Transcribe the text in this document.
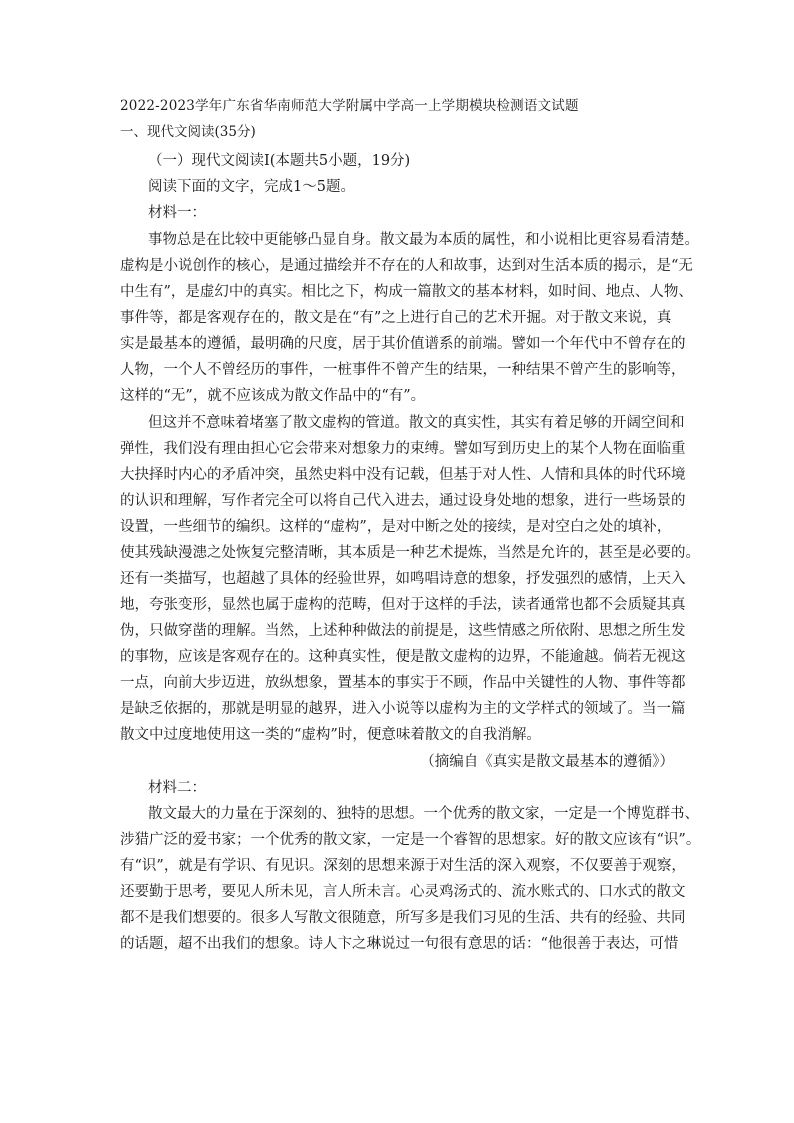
2022-2023学年广东省华南师范大学附属中学高一上学期模块检测语文试题
一、现代文阅读(35分)
（一）现代文阅读Ⅰ(本题共5小题，19分)
阅读下面的文字，完成1～5题。
材料一：
事物总是在比较中更能够凸显自身。散文最为本质的属性，和小说相比更容易看清楚。
虚构是小说创作的核心，是通过描绘并不存在的人和故事，达到对生活本质的揭示，是“无
中生有”，是虚幻中的真实。相比之下，构成一篇散文的基本材料，如时间、地点、人物、
事件等，都是客观存在的，散文是在“有”之上进行自己的艺术开掘。对于散文来说，真
实是最基本的遵循，最明确的尺度，居于其价值谱系的前端。譬如一个年代中不曾存在的
人物，一个人不曾经历的事件，一桩事件不曾产生的结果，一种结果不曾产生的影响等，
这样的“无”，就不应该成为散文作品中的“有”。
但这并不意味着堵塞了散文虚构的管道。散文的真实性，其实有着足够的开阔空间和
弹性，我们没有理由担心它会带来对想象力的束缚。譬如写到历史上的某个人物在面临重
大抉择时内心的矛盾冲突，虽然史料中没有记载，但基于对人性、人情和具体的时代环境
的认识和理解，写作者完全可以将自己代入进去，通过设身处地的想象，进行一些场景的
设置，一些细节的编织。这样的“虚构”，是对中断之处的接续，是对空白之处的填补，
使其残缺漫漶之处恢复完整清晰，其本质是一种艺术提炼，当然是允许的，甚至是必要的。
还有一类描写，也超越了具体的经验世界，如鸣唱诗意的想象，抒发强烈的感情，上天入
地，夸张变形，显然也属于虚构的范畴，但对于这样的手法，读者通常也都不会质疑其真
伪，只做穿凿的理解。当然，上述种种做法的前提是，这些情感之所依附、思想之所生发
的事物，应该是客观存在的。这种真实性，便是散文虚构的边界，不能逾越。倘若无视这
一点，向前大步迈进，放纵想象，置基本的事实于不顾，作品中关键性的人物、事件等都
是缺乏依据的，那就是明显的越界，进入小说等以虚构为主的文学样式的领域了。当一篇
散文中过度地使用这一类的“虚构”时，便意味着散文的自我消解。
（摘编自《真实是散文最基本的遵循》）
材料二：
散文最大的力量在于深刻的、独特的思想。一个优秀的散文家，一定是一个博览群书、
涉猎广泛的爱书家；一个优秀的散文家，一定是一个睿智的思想家。好的散文应该有“识”。
有“识”，就是有学识、有见识。深刻的思想来源于对生活的深入观察，不仅要善于观察，
还要勤于思考，要见人所未见，言人所未言。心灵鸡汤式的、流水账式的、口水式的散文
都不是我们想要的。很多人写散文很随意，所写多是我们习见的生活、共有的经验、共同
的话题，超不出我们的想象。诗人卞之琳说过一句很有意思的话：“他很善于表达，可惜
